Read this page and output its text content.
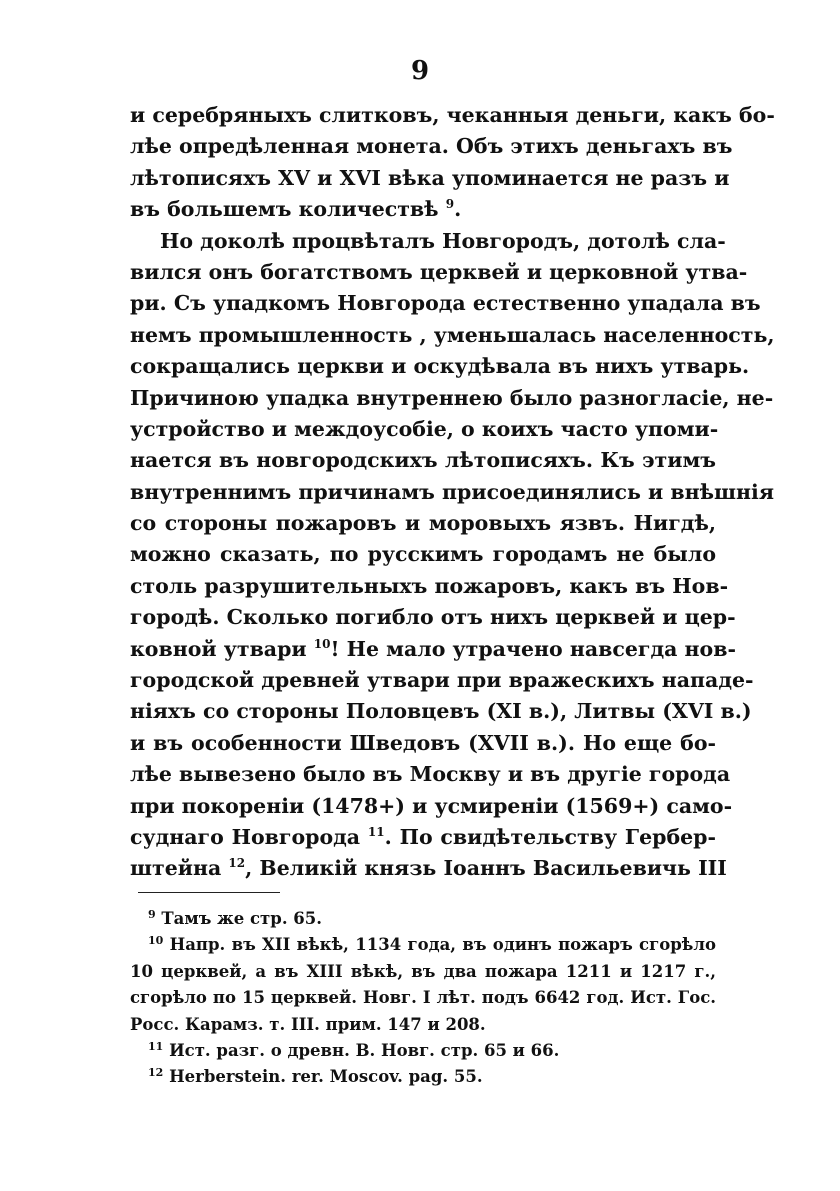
9
и серебряныхъ слитковъ, чеканныя деньги, какъ бо-
лѣе опредѣленная монета. Объ этихъ деньгахъ въ
лѣтописяхъ XV и XVI вѣка упоминается не разъ и
въ большемъ количествѣ $^9$.
Но доколѣ процвѣталъ Новгородъ, дотолѣ сла-
вился онъ богатствомъ церквей и церковной утва-
ри. Съ упадкомъ Новгорода естественно упадала въ
немъ промышленность , уменьшалась населенность,
сокращались церкви и оскудѣвала въ нихъ утварь.
Причиною упадка внутреннею было разногласіе, не-
устройство и междоусобіе, о коихъ часто упоми-
нается въ новгородскихъ лѣтописяхъ. Къ этимъ
внутреннимъ причинамъ присоединялись и внѣшнія
со стороны пожаровъ и моровыхъ язвъ. Нигдѣ,
можно сказать, по русскимъ городамъ не было
столь разрушительныхъ пожаровъ, какъ въ Нов-
городѣ. Сколько погибло отъ нихъ церквей и цер-
ковной утвари $^{10}$! Не мало утрачено навсегда нов-
городской древней утвари при вражескихъ нападе-
ніяхъ со стороны Половцевъ (XI в.), Литвы (XVI в.)
и въ особенности Шведовъ (XVII в.). Но еще бо-
лѣе вывезено было въ Москву и въ другіе города
при покореніи (1478+) и усмиреніи (1569+) само-
суднаго Новгорода $^{11}$. По свидѣтельству Гербер-
штейна $^{12}$, Великій князь Іоаннъ Васильевичь III
$^9$ Тамъ же стр. 65.
$^{10}$ Напр. въ XII вѣкѣ, 1134 года, въ одинъ пожаръ сгорѣло
10 церквей, а въ XIII вѣкѣ, въ два пожара 1211 и 1217 г.,
сгорѣло по 15 церквей. Новг. I лѣт. подъ 6642 год. Ист. Гос.
Росс. Карамз. т. III. прим. 147 и 208.
$^{11}$ Ист. разг. о древн. В. Новг. стр. 65 и 66.
$^{12}$ Herberstein. rer. Moscov. pag. 55.
